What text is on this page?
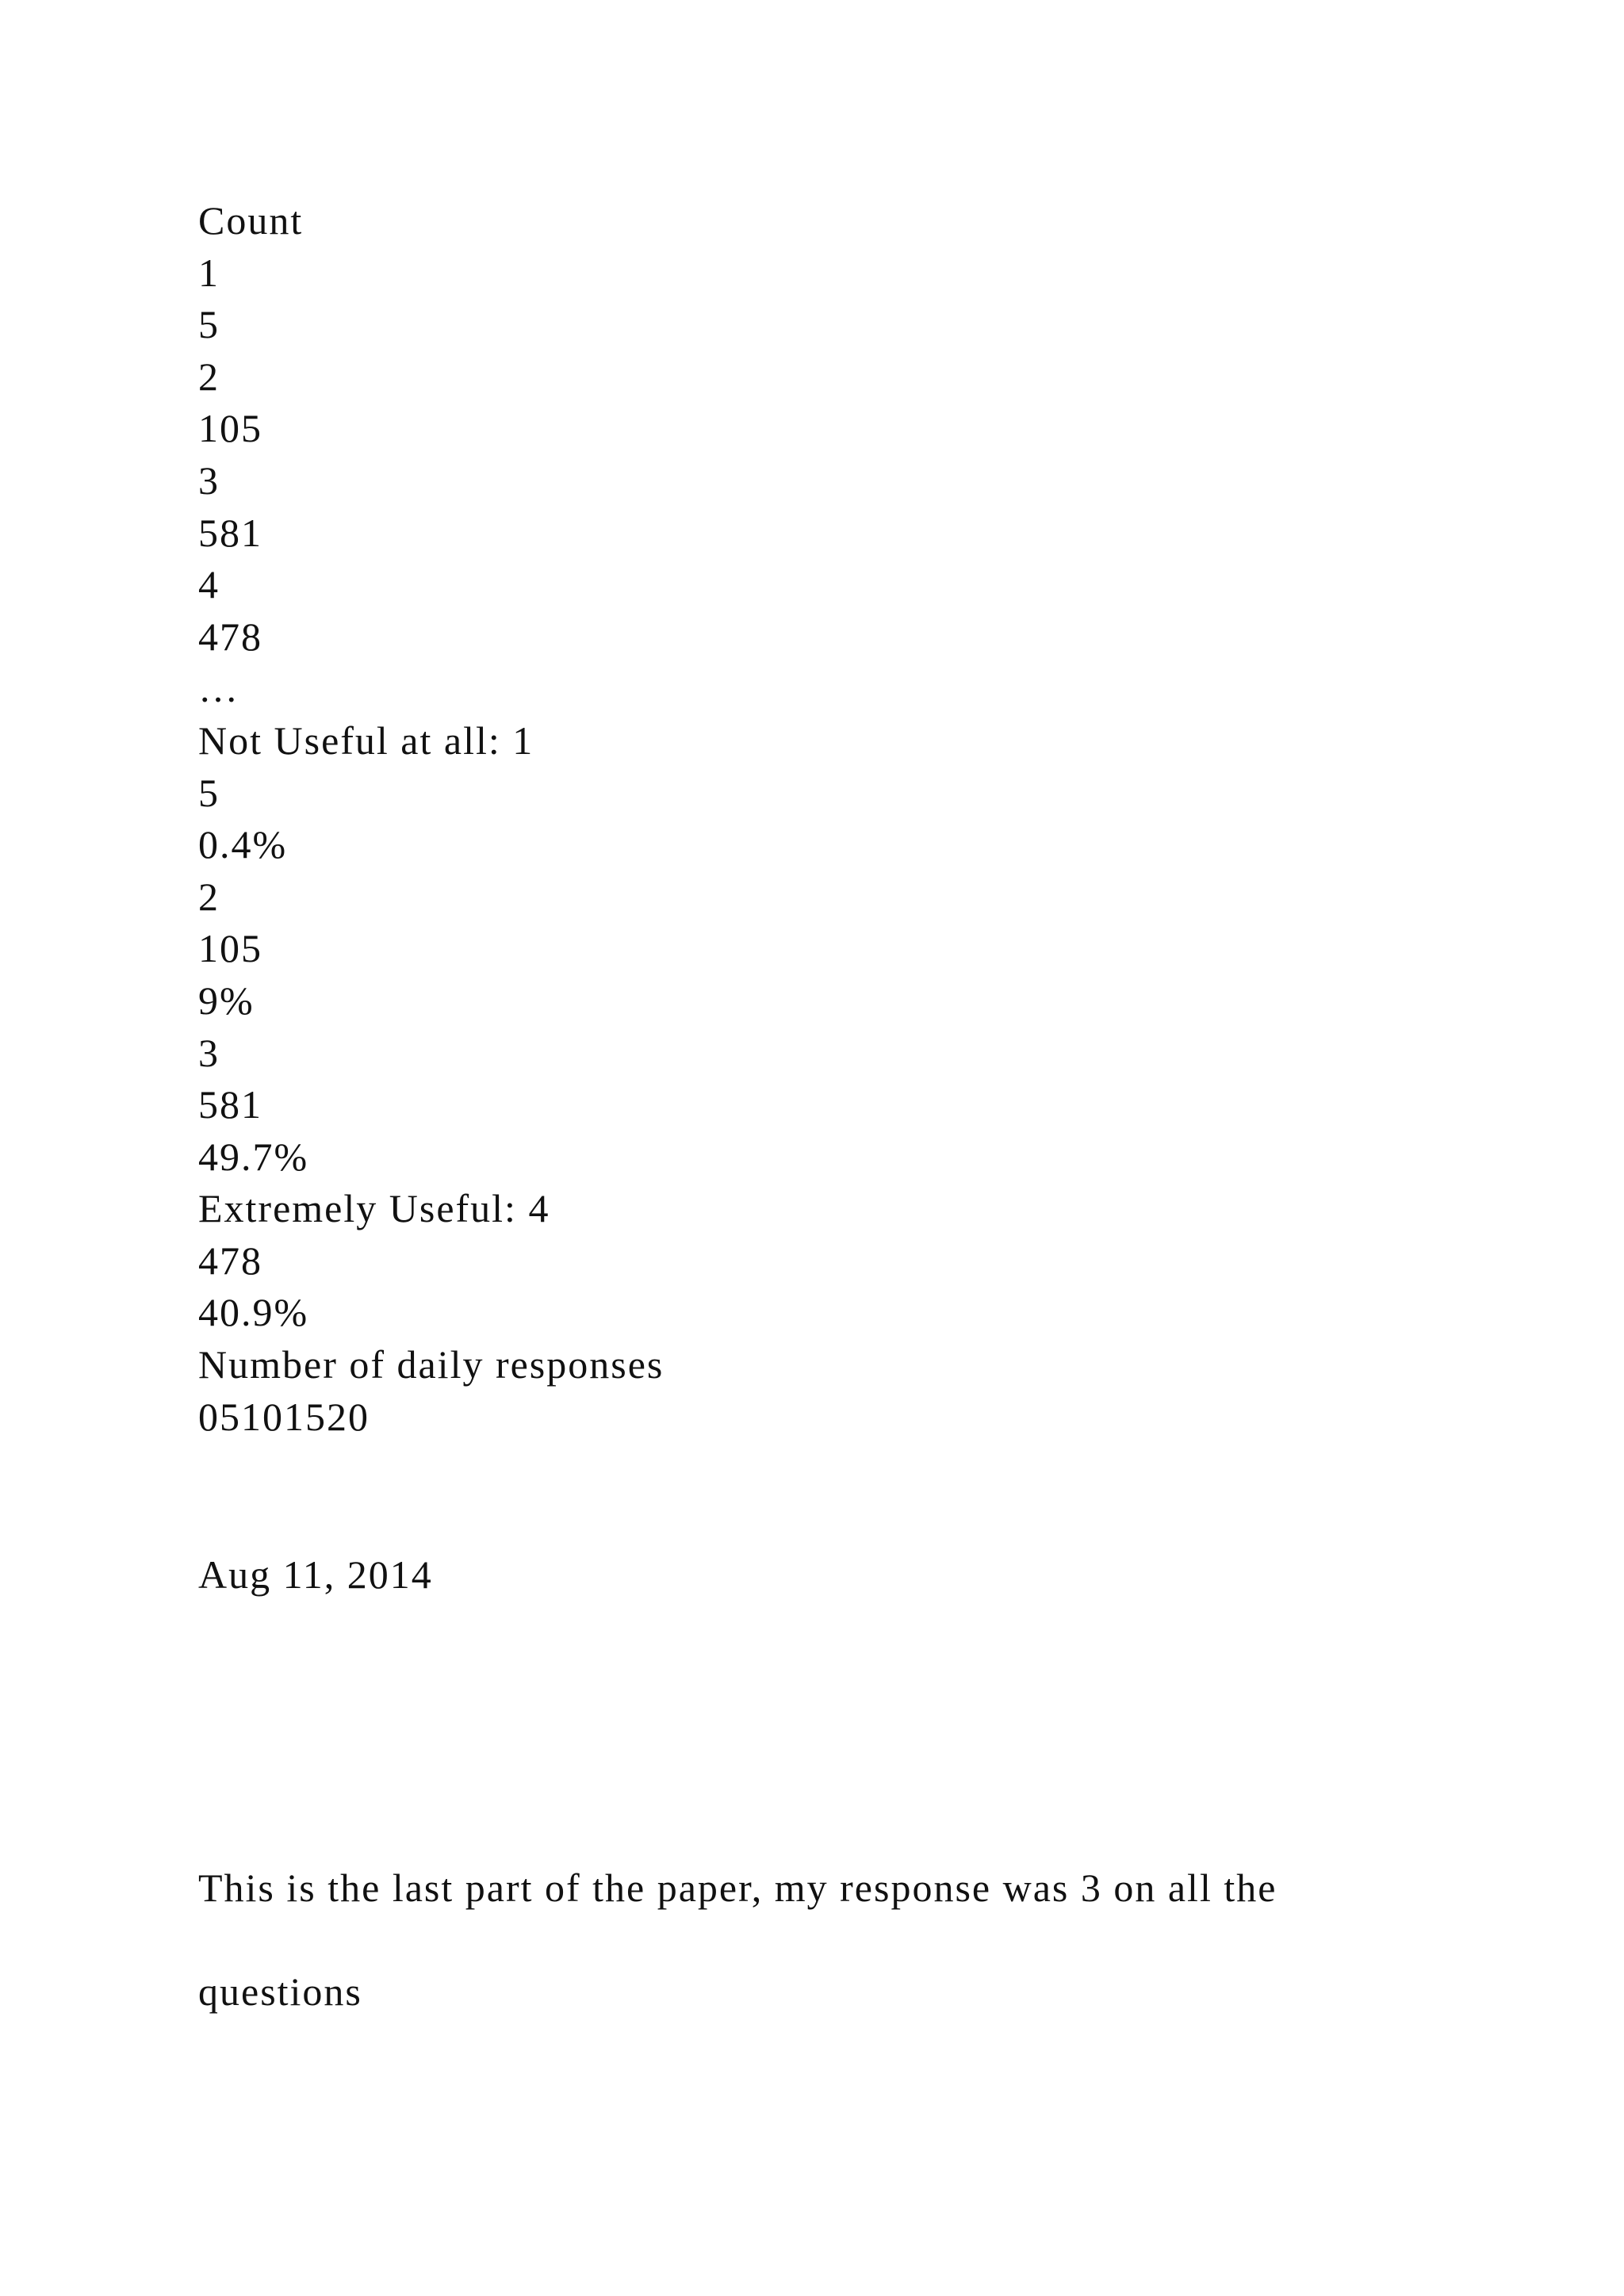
Count
1
5
2
105
3
581
4
478
…
Not Useful at all: 1
5
0.4%
2
105
9%
3
581
49.7%
Extremely Useful: 4
478
40.9%
Number of daily responses
05101520
Aug 11, 2014

This is the last part of the paper, my response was 3 on all the

questions
